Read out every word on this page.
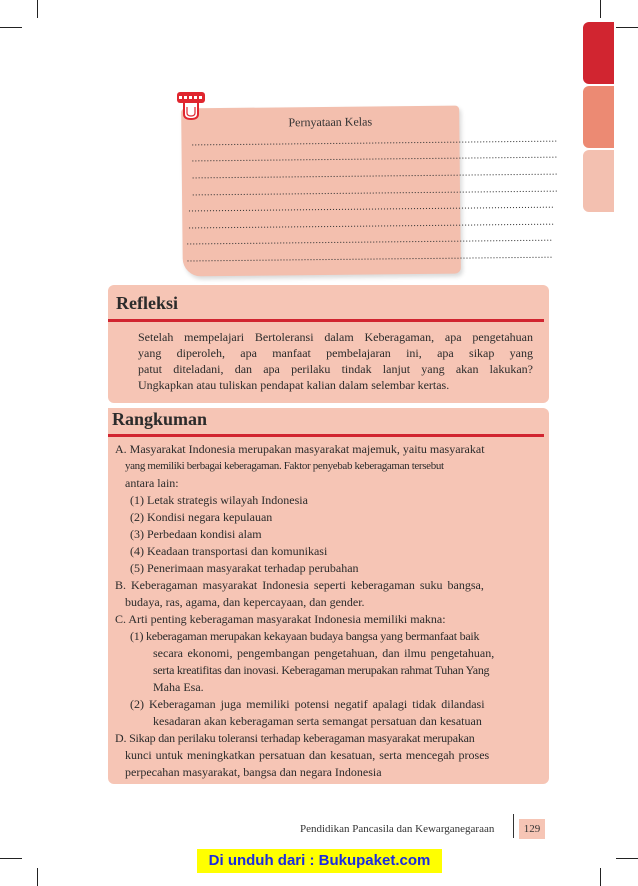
Pernyataan Kelas
..........................................................................................................................
..........................................................................................................................
..........................................................................................................................
..........................................................................................................................
..........................................................................................................................
..........................................................................................................................
..........................................................................................................................
..........................................................................................................................
Refleksi
Setelah mempelajari Bertoleransi dalam Keberagaman, apa pengetahuan
yang diperoleh, apa manfaat pembelajaran ini, apa sikap yang
patut diteladani, dan apa perilaku tindak lanjut yang akan lakukan?
Ungkapkan atau tuliskan pendapat kalian dalam selembar kertas.
Rangkuman
A. Masyarakat Indonesia merupakan masyarakat majemuk, yaitu masyarakat
yang memiliki berbagai keberagaman. Faktor penyebab keberagaman tersebut
antara lain:
(1) Letak strategis wilayah Indonesia
(2) Kondisi negara kepulauan
(3) Perbedaan kondisi alam
(4) Keadaan transportasi dan komunikasi
(5) Penerimaan masyarakat terhadap perubahan
B. Keberagaman masyarakat Indonesia seperti keberagaman suku bangsa,
budaya, ras, agama, dan kepercayaan, dan gender.
C. Arti penting keberagaman masyarakat Indonesia memiliki makna:
(1) keberagaman merupakan kekayaan budaya bangsa yang bermanfaat baik
secara ekonomi, pengembangan pengetahuan, dan ilmu pengetahuan,
serta kreatifitas dan inovasi. Keberagaman merupakan rahmat Tuhan Yang
Maha Esa.
(2) Keberagaman juga memiliki potensi negatif apalagi tidak dilandasi
kesadaran akan keberagaman serta semangat persatuan dan kesatuan
D. Sikap dan perilaku toleransi terhadap keberagaman masyarakat merupakan
kunci untuk meningkatkan persatuan dan kesatuan, serta mencegah proses
perpecahan masyarakat, bangsa dan negara Indonesia
Pendidikan Pancasila dan Kewarganegaraan	129
Di unduh dari : Bukupaket.com
